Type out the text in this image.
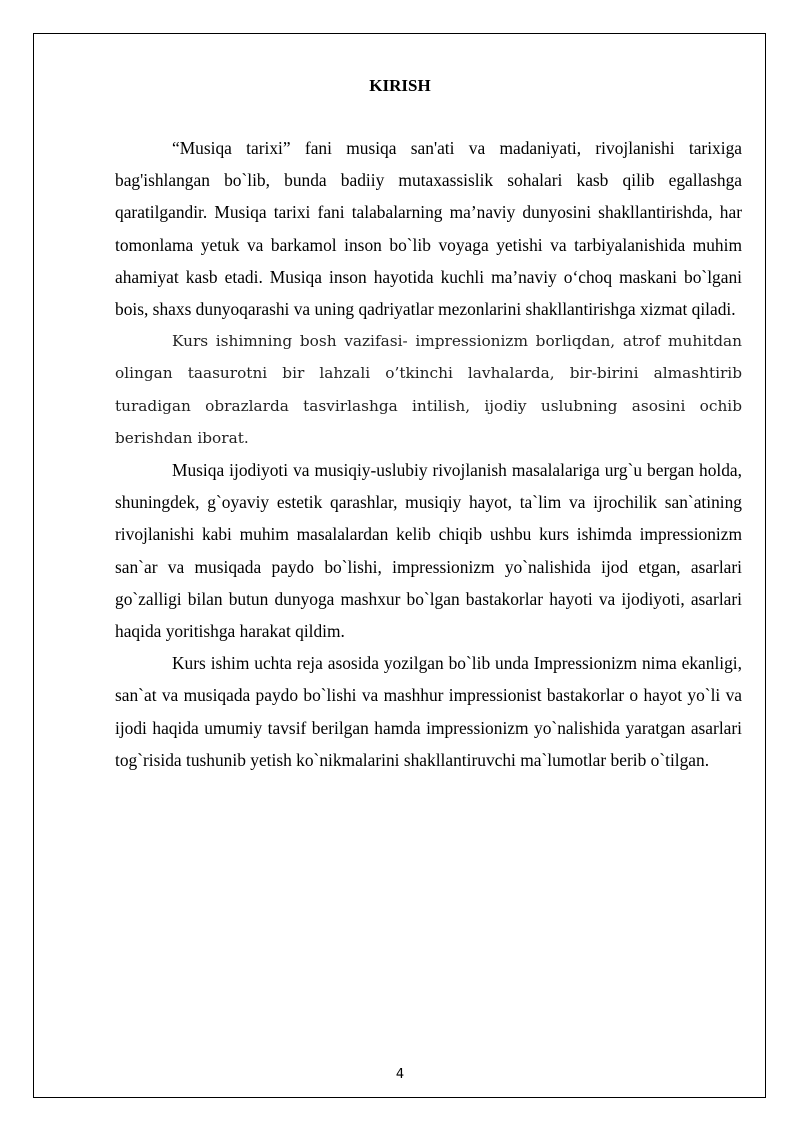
KIRISH

“Musiqa tarixi” fani musiqa san'ati va madaniyati, rivojlanishi tarixiga bag'ishlangan bo`lib, bunda badiiy mutaxassislik sohalari kasb qilib egallashga qaratilgandir. Musiqa tarixi fani talabalarning ma’naviy dunyosini shakllantirishda, har tomonlama yetuk va barkamol inson bo`lib voyaga yetishi va tarbiyalanishida muhim ahamiyat kasb etadi. Musiqa inson hayotida kuchli ma’naviy o‘choq maskani bo`lgani bois, shaxs dunyoqarashi va uning qadriyatlar mezonlarini shakllantirishga xizmat qiladi.

Kurs ishimning bosh vazifasi- impressionizm borliqdan, atrof muhitdan olingan taasurotni bir lahzali o’tkinchi lavhalarda, bir-birini almashtirib turadigan obrazlarda tasvirlashga intilish, ijodiy uslubning asosini ochib berishdan iborat.

Musiqa ijodiyoti va musiqiy-uslubiy rivojlanish masalalariga urg`u bergan holda, shuningdek, g`oyaviy estetik qarashlar, musiqiy hayot, ta`lim va ijrochilik san`atining rivojlanishi kabi muhim masalalardan kelib chiqib ushbu kurs ishimda impressionizm san`ar va musiqada paydo bo`lishi, impressionizm yo`nalishida ijod etgan, asarlari go`zalligi bilan butun dunyoga mashxur bo`lgan bastakorlar hayoti va ijodiyoti, asarlari haqida yoritishga harakat qildim.

Kurs ishim uchta reja asosida yozilgan bo`lib unda Impressionizm nima ekanligi, san`at va musiqada paydo bo`lishi va mashhur impressionist bastakorlar o hayot yo`li va ijodi haqida umumiy tavsif berilgan hamda impressionizm yo`nalishida yaratgan asarlari tog`risida tushunib yetish ko`nikmalarini shakllantiruvchi ma`lumotlar berib o`tilgan.

4
